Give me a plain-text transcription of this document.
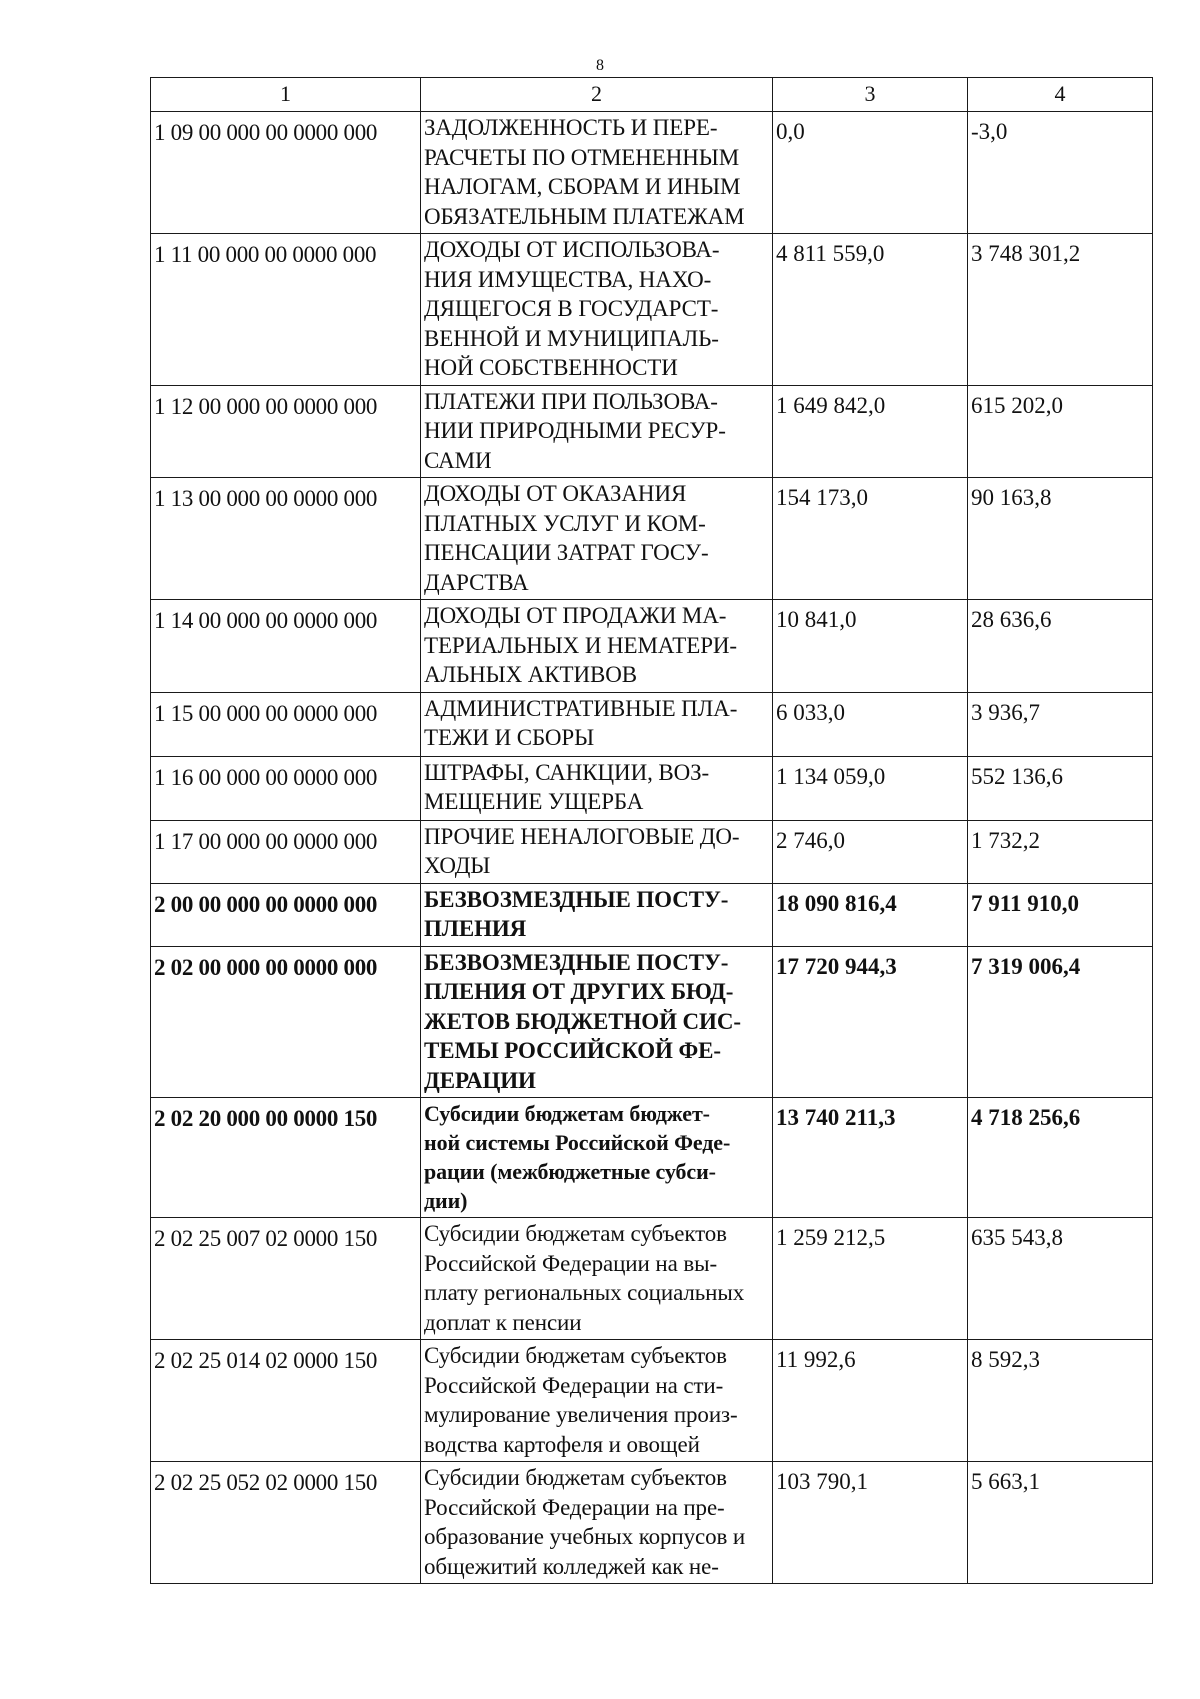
8
1	2	3	4
1 09 00 000 00 0000 000	ЗАДОЛЖЕННОСТЬ И ПЕРЕ-
РАСЧЕТЫ ПО ОТМЕНЕННЫМ
НАЛОГАМ, СБОРАМ И ИНЫМ
ОБЯЗАТЕЛЬНЫМ ПЛАТЕЖАМ	0,0	-3,0
1 11 00 000 00 0000 000	ДОХОДЫ ОТ ИСПОЛЬЗОВА-
НИЯ ИМУЩЕСТВА, НАХО-
ДЯЩЕГОСЯ В ГОСУДАРСТ-
ВЕННОЙ И МУНИЦИПАЛЬ-
НОЙ СОБСТВЕННОСТИ	4 811 559,0	3 748 301,2
1 12 00 000 00 0000 000	ПЛАТЕЖИ ПРИ ПОЛЬЗОВА-
НИИ ПРИРОДНЫМИ РЕСУР-
САМИ	1 649 842,0	615 202,0
1 13 00 000 00 0000 000	ДОХОДЫ ОТ ОКАЗАНИЯ
ПЛАТНЫХ УСЛУГ И КОМ-
ПЕНСАЦИИ ЗАТРАТ ГОСУ-
ДАРСТВА	154 173,0	90 163,8
1 14 00 000 00 0000 000	ДОХОДЫ ОТ ПРОДАЖИ МА-
ТЕРИАЛЬНЫХ И НЕМАТЕРИ-
АЛЬНЫХ АКТИВОВ	10 841,0	28 636,6
1 15 00 000 00 0000 000	АДМИНИСТРАТИВНЫЕ ПЛА-
ТЕЖИ И СБОРЫ	6 033,0	3 936,7
1 16 00 000 00 0000 000	ШТРАФЫ, САНКЦИИ, ВОЗ-
МЕЩЕНИЕ УЩЕРБА	1 134 059,0	552 136,6
1 17 00 000 00 0000 000	ПРОЧИЕ НЕНАЛОГОВЫЕ ДО-
ХОДЫ	2 746,0	1 732,2
2 00 00 000 00 0000 000	БЕЗВОЗМЕЗДНЫЕ ПОСТУ-
ПЛЕНИЯ	18 090 816,4	7 911 910,0
2 02 00 000 00 0000 000	БЕЗВОЗМЕЗДНЫЕ ПОСТУ-
ПЛЕНИЯ ОТ ДРУГИХ БЮД-
ЖЕТОВ БЮДЖЕТНОЙ СИС-
ТЕМЫ РОССИЙСКОЙ ФЕ-
ДЕРАЦИИ	17 720 944,3	7 319 006,4
2 02 20 000 00 0000 150	Субсидии бюджетам бюджет-
ной системы Российской Феде-
рации (межбюджетные субси-
дии)	13 740 211,3	4 718 256,6
2 02 25 007 02 0000 150	Субсидии бюджетам субъектов
Российской Федерации на вы-
плату региональных социальных
доплат к пенсии	1 259 212,5	635 543,8
2 02 25 014 02 0000 150	Субсидии бюджетам субъектов
Российской Федерации на сти-
мулирование увеличения произ-
водства картофеля и овощей	11 992,6	8 592,3
2 02 25 052 02 0000 150	Субсидии бюджетам субъектов
Российской Федерации на пре-
образование учебных корпусов и
общежитий колледжей как не-	103 790,1	5 663,1
